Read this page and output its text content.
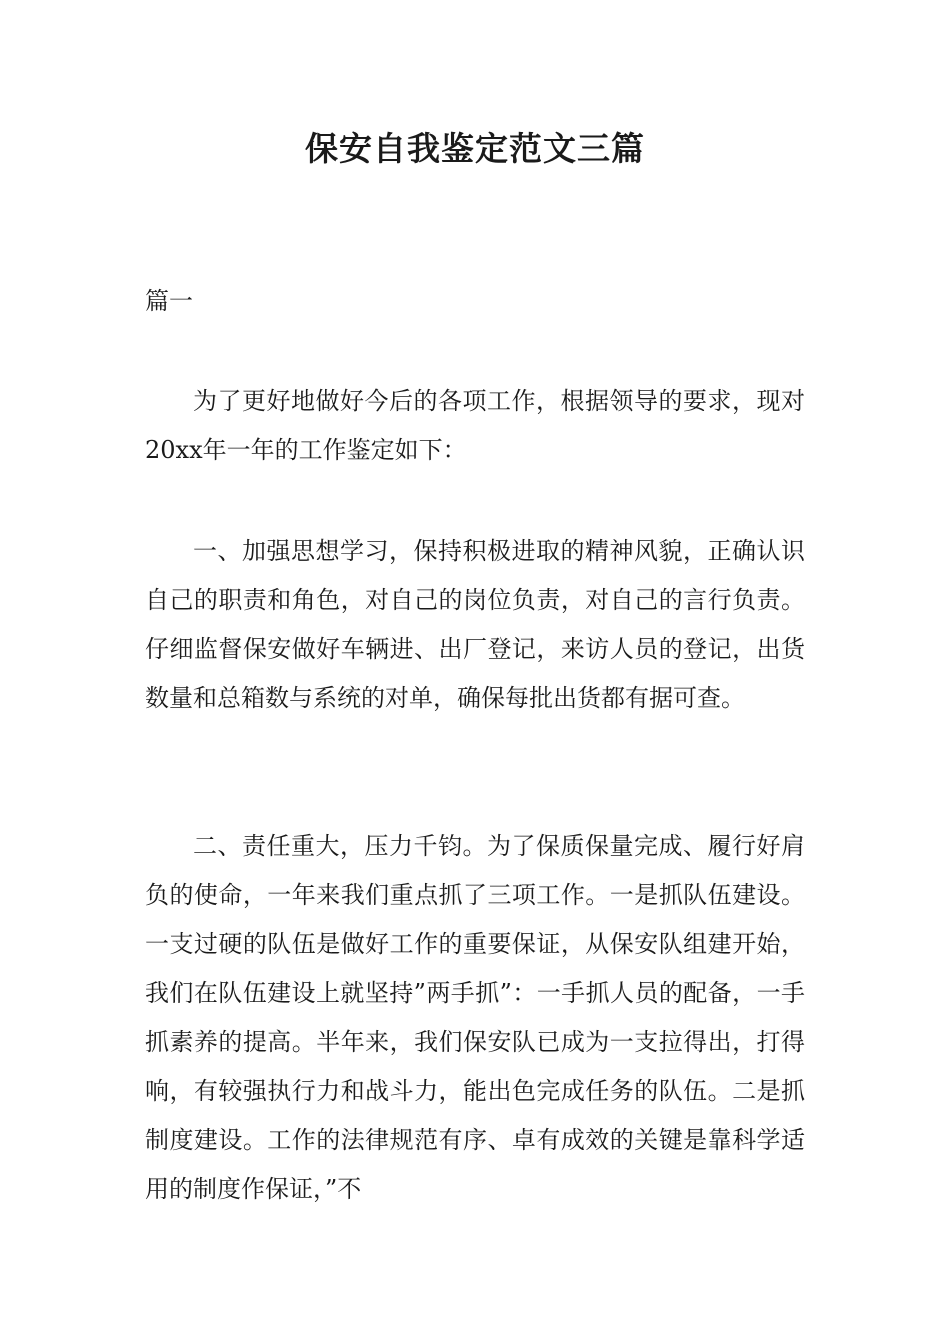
保安自我鉴定范文三篇

篇一

为了更好地做好今后的各项工作，根据领导的要求，现对20xx年一年的工作鉴定如下：

一、加强思想学习，保持积极进取的精神风貌，正确认识自己的职责和角色，对自己的岗位负责，对自己的言行负责。仔细监督保安做好车辆进、出厂登记，来访人员的登记，出货数量和总箱数与系统的对单，确保每批出货都有据可查。

二、责任重大，压力千钧。为了保质保量完成、履行好肩负的使命，一年来我们重点抓了三项工作。一是抓队伍建设。一支过硬的队伍是做好工作的重要保证，从保安队组建开始，我们在队伍建设上就坚持”两手抓”：一手抓人员的配备，一手抓素养的提高。半年来，我们保安队已成为一支拉得出，打得响，有较强执行力和战斗力，能出色完成任务的队伍。二是抓制度建设。工作的法律规范有序、卓有成效的关键是靠科学适用的制度作保证，”不
